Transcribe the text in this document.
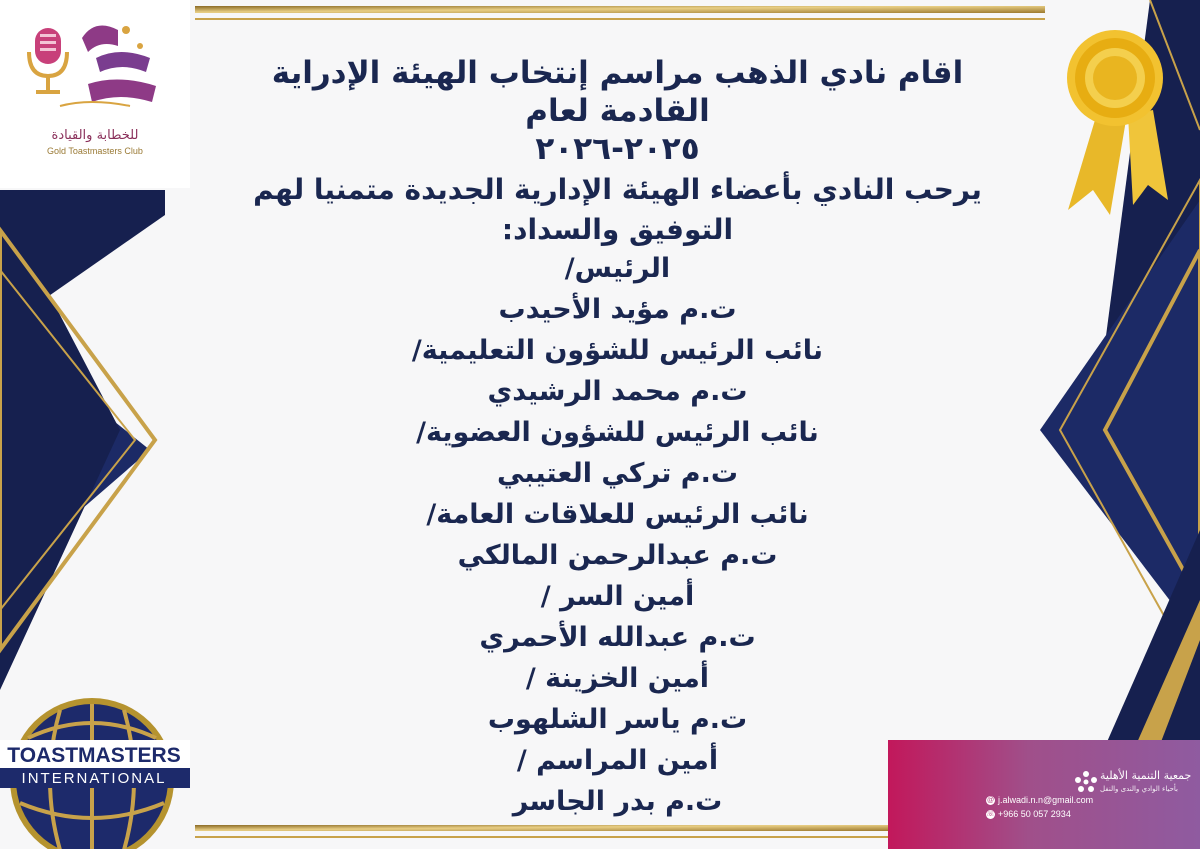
للخطابة والقيادة
Gold Toastmasters Club

اقام نادي الذهب مراسم إنتخاب الهيئة الإدراية القادمة لعام

٢٠٢٥-٢٠٢٦

يرحب النادي بأعضاء الهيئة الإدارية الجديدة متمنيا لهم

التوفيق والسداد:

الرئيس/

ت.م مؤيد الأحيدب

نائب الرئيس للشؤون التعليمية/

ت.م محمد الرشيدي

نائب الرئيس للشؤون العضوية/

ت.م تركي العتيبي

نائب الرئيس للعلاقات العامة/

ت.م عبدالرحمن المالكي

أمين السر /

ت.م عبدالله الأحمري

أمين الخزينة /

ت.م ياسر الشلهوب

أمين المراسم /

ت.م بدر الجاسر

TOASTMASTERS
INTERNATIONAL	جمعية التنمية الأهلية
بأحياء الوادي والندى والنفل
@ j.alwadi.n.n@gmail.com
☏ +966 50 057 2934
